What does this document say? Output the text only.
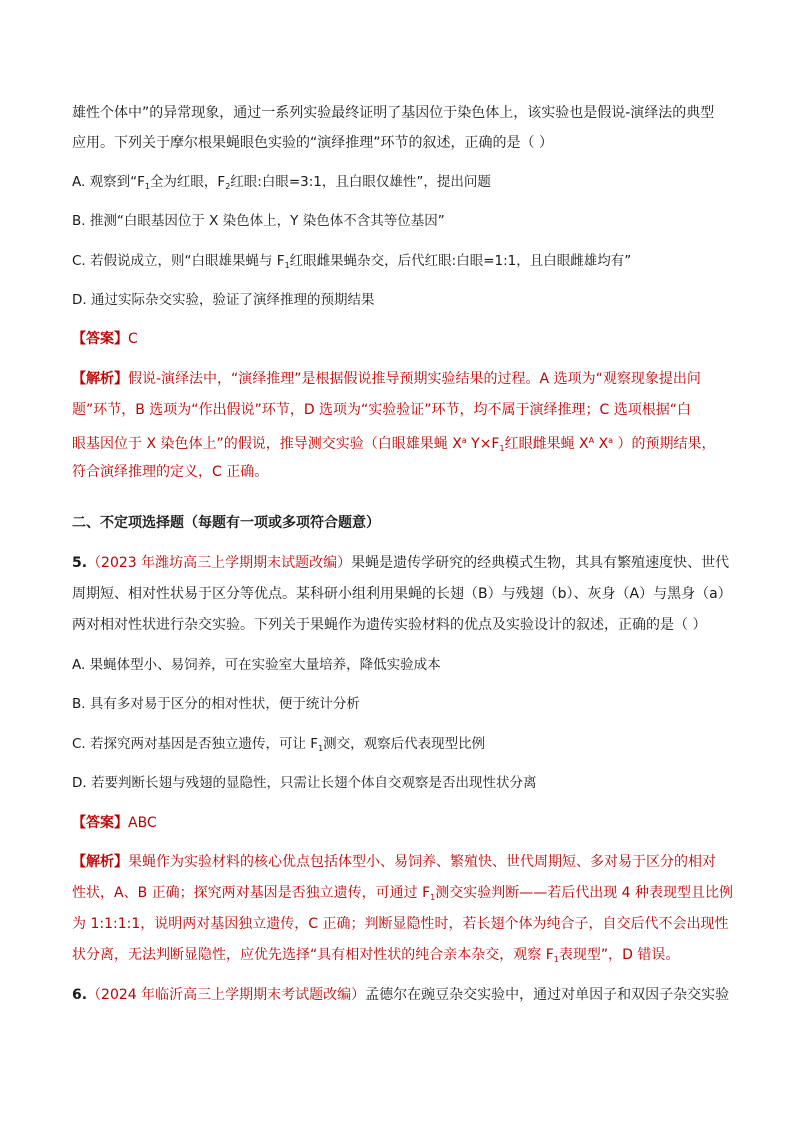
雄性个体中”的异常现象，通过一系列实验最终证明了基因位于染色体上，该实验也是假说-演绎法的典型
应用。下列关于摩尔根果蝇眼色实验的“演绎推理”环节的叙述，正确的是（ ）
A. 观察到“$F_1$全为红眼，$F_2$红眼:白眼=3:1，且白眼仅雄性”，提出问题
B. 推测“白眼基因位于 X 染色体上，Y 染色体不含其等位基因”
C. 若假说成立，则“白眼雄果蝇与 $F_1$红眼雌果蝇杂交，后代红眼:白眼=1:1，且白眼雌雄均有”
D. 通过实际杂交实验，验证了演绎推理的预期结果
【答案】C
【解析】假说-演绎法中，“演绎推理”是根据假说推导预期实验结果的过程。A 选项为“观察现象提出问
题”环节，B 选项为“作出假说”环节，D 选项为“实验验证”环节，均不属于演绎推理；C 选项根据“白
眼基因位于 X 染色体上”的假说，推导测交实验（白眼雄果蝇 $X^a$ $Y\times F_1$红眼雌果蝇 $X^A$ $X^a$ ）的预期结果，
符合演绎推理的定义，C 正确。
二、不定项选择题（每题有一项或多项符合题意）
5.（2023 年潍坊高三上学期期末试题改编）果蝇是遗传学研究的经典模式生物，其具有繁殖速度快、世代
周期短、相对性状易于区分等优点。某科研小组利用果蝇的长翅（B）与残翅（b）、灰身（A）与黑身（a）
两对相对性状进行杂交实验。下列关于果蝇作为遗传实验材料的优点及实验设计的叙述，正确的是（ ）
A. 果蝇体型小、易饲养，可在实验室大量培养，降低实验成本
B. 具有多对易于区分的相对性状，便于统计分析
C. 若探究两对基因是否独立遗传，可让 $F_1$测交，观察后代表现型比例
D. 若要判断长翅与残翅的显隐性，只需让长翅个体自交观察是否出现性状分离
【答案】ABC
【解析】果蝇作为实验材料的核心优点包括体型小、易饲养、繁殖快、世代周期短、多对易于区分的相对
性状，A、B 正确；探究两对基因是否独立遗传，可通过 $F_1$测交实验判断——若后代出现 4 种表现型且比例
为 1:1:1:1，说明两对基因独立遗传，C 正确；判断显隐性时，若长翅个体为纯合子，自交后代不会出现性
状分离，无法判断显隐性，应优先选择“具有相对性状的纯合亲本杂交，观察 $F_1$表现型”，D 错误。
6.（2024 年临沂高三上学期期末考试题改编）孟德尔在豌豆杂交实验中，通过对单因子和双因子杂交实验
